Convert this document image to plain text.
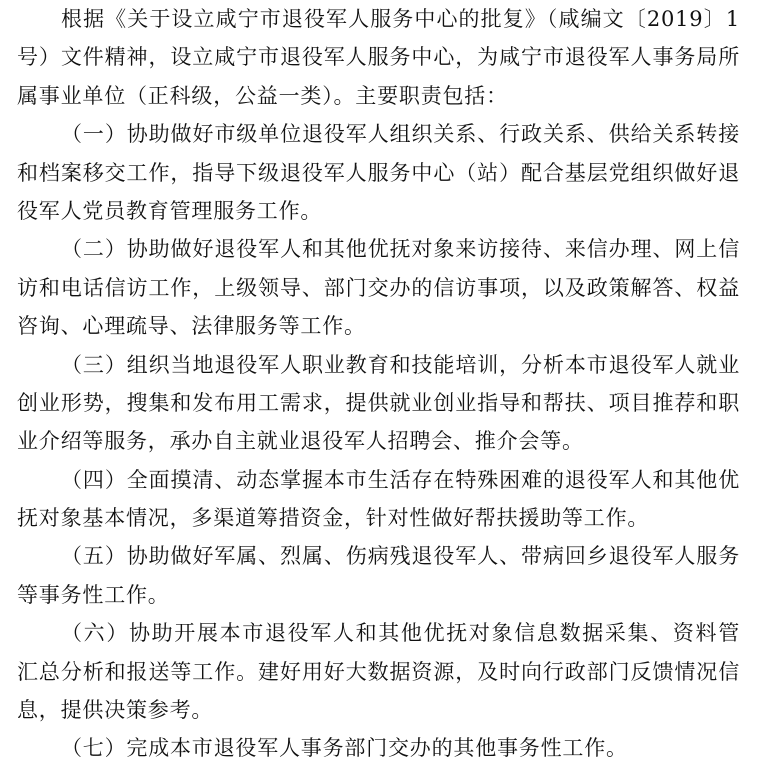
根据《关于设立咸宁市退役军人服务中心的批复》（咸编文〔2019〕1
号）文件精神，设立咸宁市退役军人服务中心，为咸宁市退役军人事务局所
属事业单位（正科级，公益一类）。主要职责包括：
（一）协助做好市级单位退役军人组织关系、行政关系、供给关系转接
和档案移交工作，指导下级退役军人服务中心（站）配合基层党组织做好退
役军人党员教育管理服务工作。
（二）协助做好退役军人和其他优抚对象来访接待、来信办理、网上信
访和电话信访工作，上级领导、部门交办的信访事项，以及政策解答、权益
咨询、心理疏导、法律服务等工作。
（三）组织当地退役军人职业教育和技能培训，分析本市退役军人就业
创业形势，搜集和发布用工需求，提供就业创业指导和帮扶、项目推荐和职
业介绍等服务，承办自主就业退役军人招聘会、推介会等。
（四）全面摸清、动态掌握本市生活存在特殊困难的退役军人和其他优
抚对象基本情况，多渠道筹措资金，针对性做好帮扶援助等工作。
（五）协助做好军属、烈属、伤病残退役军人、带病回乡退役军人服务
等事务性工作。
（六）协助开展本市退役军人和其他优抚对象信息数据采集、资料管
汇总分析和报送等工作。建好用好大数据资源，及时向行政部门反馈情况信
息，提供决策参考。
（七）完成本市退役军人事务部门交办的其他事务性工作。
